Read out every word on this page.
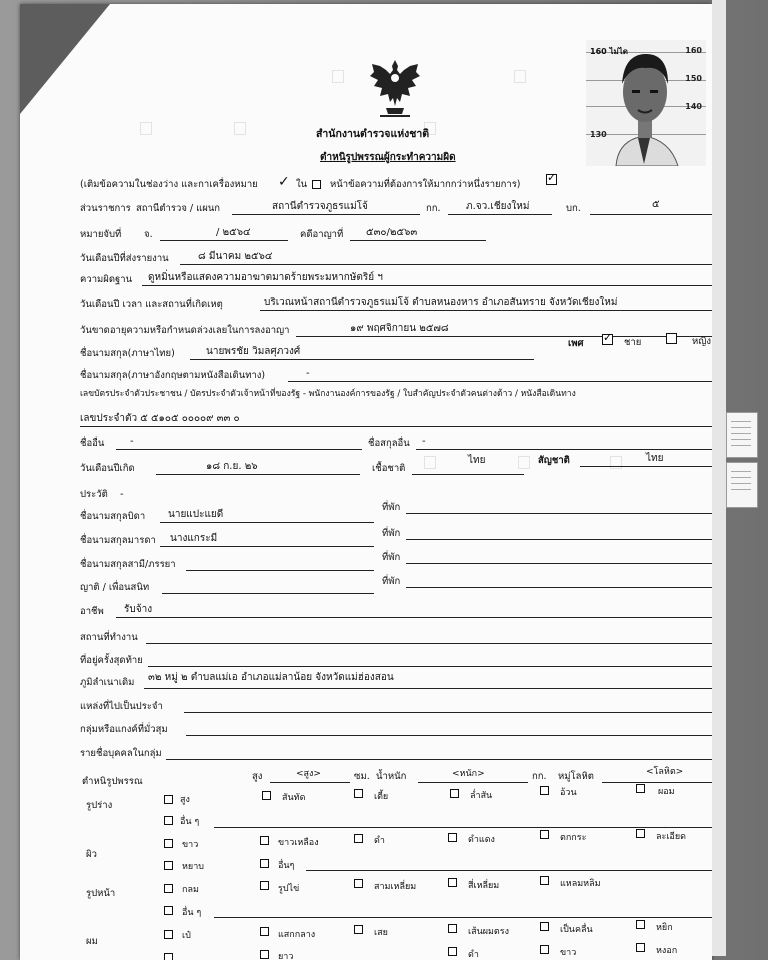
สำนักงานตำรวจแห่งชาติ
ตำหนิรูปพรรณผู้กระทำความผิด
160 ไม่ได	160
150
140
130
(เติมข้อความในช่องว่าง และกาเครื่องหมาย ✓ ใน หน้าข้อความที่ต้องการให้มากกว่าหนึ่งรายการ)
✓
ส่วนราชการ สถานีตำรวจ / แผนก	สถานีตำรวจภูธรแม่โจ้	กก.	ภ.จว.เชียงใหม่	บก.	๕
หมายจับที่ จ.	/ ๒๕๖๔	คดีอาญาที่ ๕๓๐/๒๕๖๓
วันเดือนปีที่ส่งรายงาน	๘ มีนาคม ๒๕๖๔
ความผิดฐาน ดูหมิ่นหรือแสดงความอาฆาตมาดร้ายพระมหากษัตริย์ ฯ
วันเดือนปี เวลา และสถานที่เกิดเหตุ	บริเวณหน้าสถานีตำรวจภูธรแม่โจ้ ตำบลหนองหาร อำเภอสันทราย จังหวัดเชียงใหม่
วันขาดอายุความหรือกำหนดล่วงเลยในการลงอาญา	๑๙ พฤศจิกายน ๒๕๗๘
ชื่อนามสกุล(ภาษาไทย)	นายพรชัย วิมลศุภวงศ์
เพศ
✓	ชาย	หญิง
ชื่อนามสกุล(ภาษาอังกฤษตามหนังสือเดินทาง)	-
เลขบัตรประจำตัวประชาชน / บัตรประจำตัวเจ้าหน้าที่ของรัฐ - พนักงานองค์การของรัฐ / ใบสำคัญประจำตัวคนต่างด้าว / หนังสือเดินทาง
เลขประจำตัว ๕ ๕๑๐๕ ๐๐๐๐๙ ๓๓ ๐
ชื่ออื่น	-	ชื่อสกุลอื่น -
วันเดือนปีเกิด	๑๘ ก.ย. ๒๖	เชื้อชาติ
ไทย	สัญชาติ	ไทย
ประวัติ -
ชื่อนามสกุลบิดา นายแปะแยดี
ที่พัก
ชื่อนามสกุลมารดา นางแกระมี	ที่พัก
ชื่อนามสกุลสามี/ภรรยา
ที่พัก
ญาติ / เพื่อนสนิท
ที่พัก
อาชีพ รับจ้าง
สถานที่ทำงาน
ที่อยู่ครั้งสุดท้าย
ภูมิลำเนาเดิม ๓๒ หมู่ ๒ ตำบลแม่เอ อำเภอแม่ลาน้อย จังหวัดแม่ฮ่องสอน
แหล่งที่ไปเป็นประจำ
กลุ่มหรือแกงค์ที่มั่วสุม
รายชื่อบุคคลในกลุ่ม
ตำหนิรูปพรรณ	สูง	<สูง>	ซม. น้ำหนัก	<หนัก>	กก. หมู่โลหิต	<โลหิต>
รูปร่าง	สูง	สันทัด	เตี้ย	ล่ำสัน	อ้วน	ผอม
อื่น ๆ
ผิว
ขาว	ขาวเหลือง	ดำ	ดำแดง	ตกกระ	ละเอียด
หยาบ	อื่นๆ
รูปหน้า	กลม	รูปไข่	สามเหลี่ยม	สี่เหลี่ยม	แหลมหลิม
อื่น ๆ
ผม	เป๋	แสกกลาง	เสย	เส้นผมตรง	เป็นคลื่น	หยิก
ยาว	ดำ	ขาว	หงอก
